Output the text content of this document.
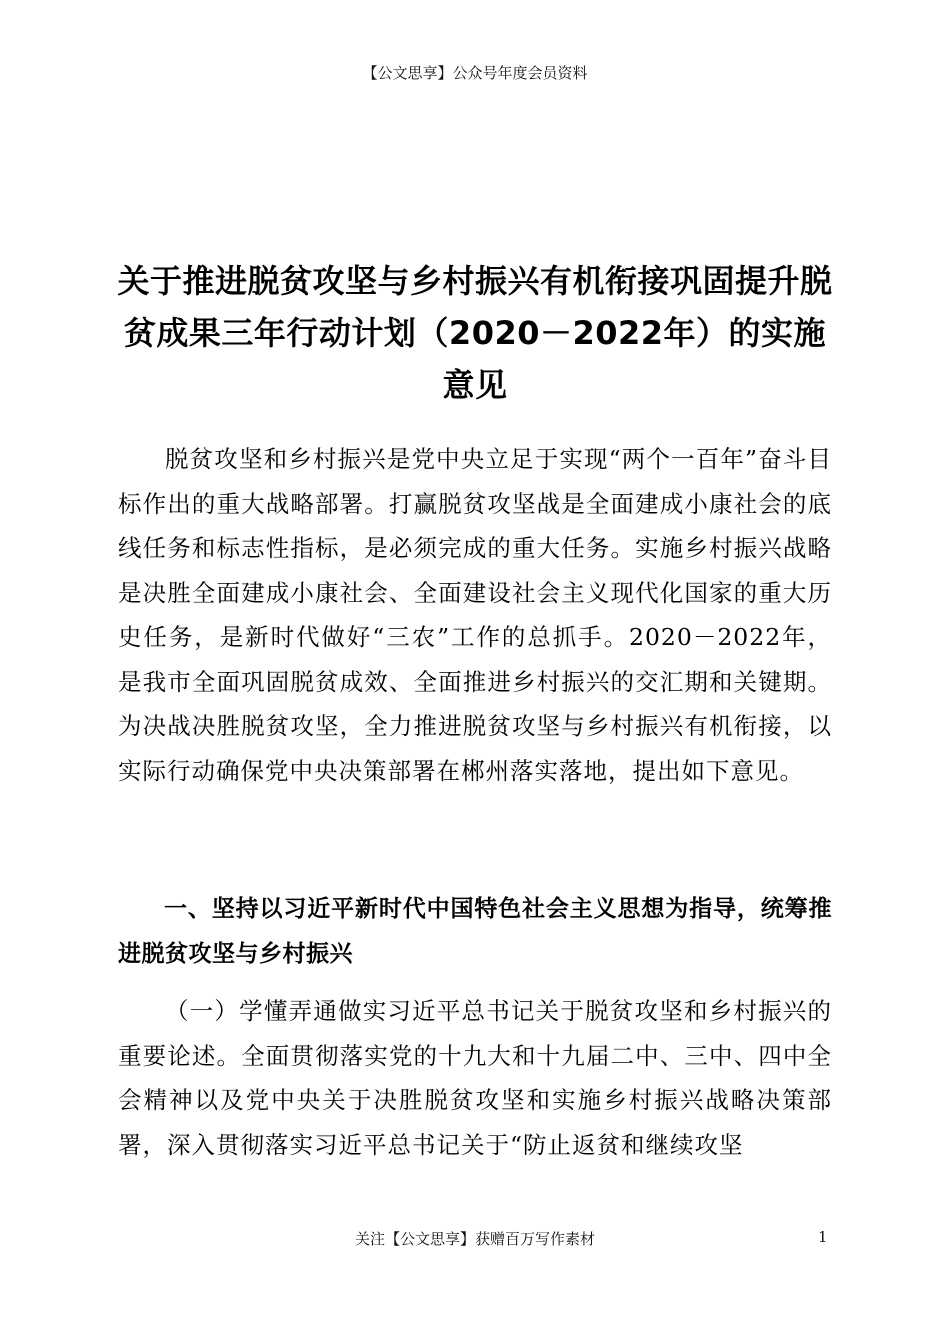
【公文思享】公众号年度会员资料
关于推进脱贫攻坚与乡村振兴有机衔接巩固提升脱贫成果三年行动计划（2020－2022年）的实施意见

脱贫攻坚和乡村振兴是党中央立足于实现“两个一百年”奋斗目标作出的重大战略部署。打赢脱贫攻坚战是全面建成小康社会的底线任务和标志性指标，是必须完成的重大任务。实施乡村振兴战略是决胜全面建成小康社会、全面建设社会主义现代化国家的重大历史任务，是新时代做好“三农”工作的总抓手。2020－2022年，是我市全面巩固脱贫成效、全面推进乡村振兴的交汇期和关键期。为决战决胜脱贫攻坚，全力推进脱贫攻坚与乡村振兴有机衔接，以实际行动确保党中央决策部署在郴州落实落地，提出如下意见。

一、坚持以习近平新时代中国特色社会主义思想为指导，统筹推进脱贫攻坚与乡村振兴

（一）学懂弄通做实习近平总书记关于脱贫攻坚和乡村振兴的重要论述。全面贯彻落实党的十九大和十九届二中、三中、四中全会精神以及党中央关于决胜脱贫攻坚和实施乡村振兴战略决策部署，深入贯彻落实习近平总书记关于“防止返贫和继续攻坚

关注【公文思享】获赠百万写作素材	1
